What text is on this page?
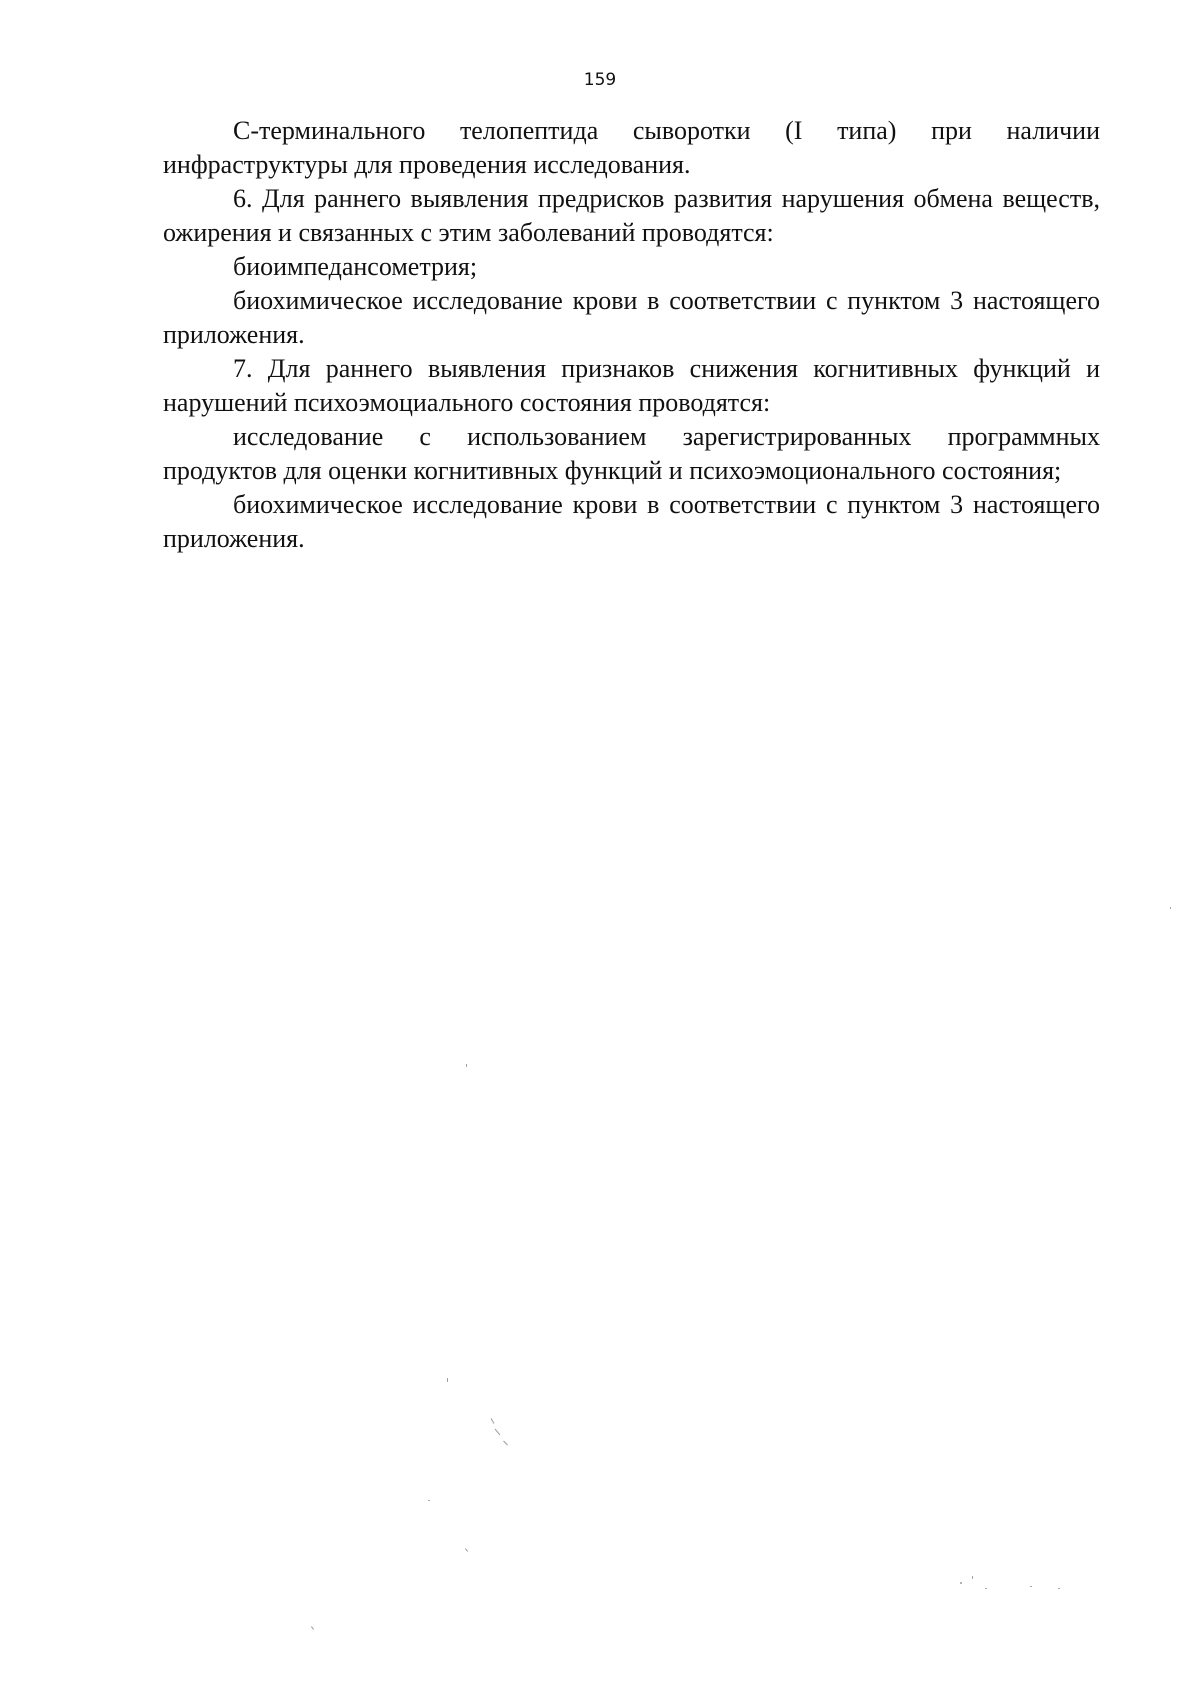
159

С-терминального телопептида сыворотки (I типа) при наличии инфраструктуры для проведения исследования.

6. Для раннего выявления предрисков развития нарушения обмена веществ, ожирения и связанных с этим заболеваний проводятся:

биоимпедансометрия;

биохимическое исследование крови в соответствии с пунктом 3 настоящего приложения.

7. Для раннего выявления признаков снижения когнитивных функций и нарушений психоэмоциального состояния проводятся:

исследование с использованием зарегистрированных программных продуктов для оценки когнитивных функций и психоэмоционального состояния;

биохимическое исследование крови в соответствии с пунктом 3 настоящего приложения.
